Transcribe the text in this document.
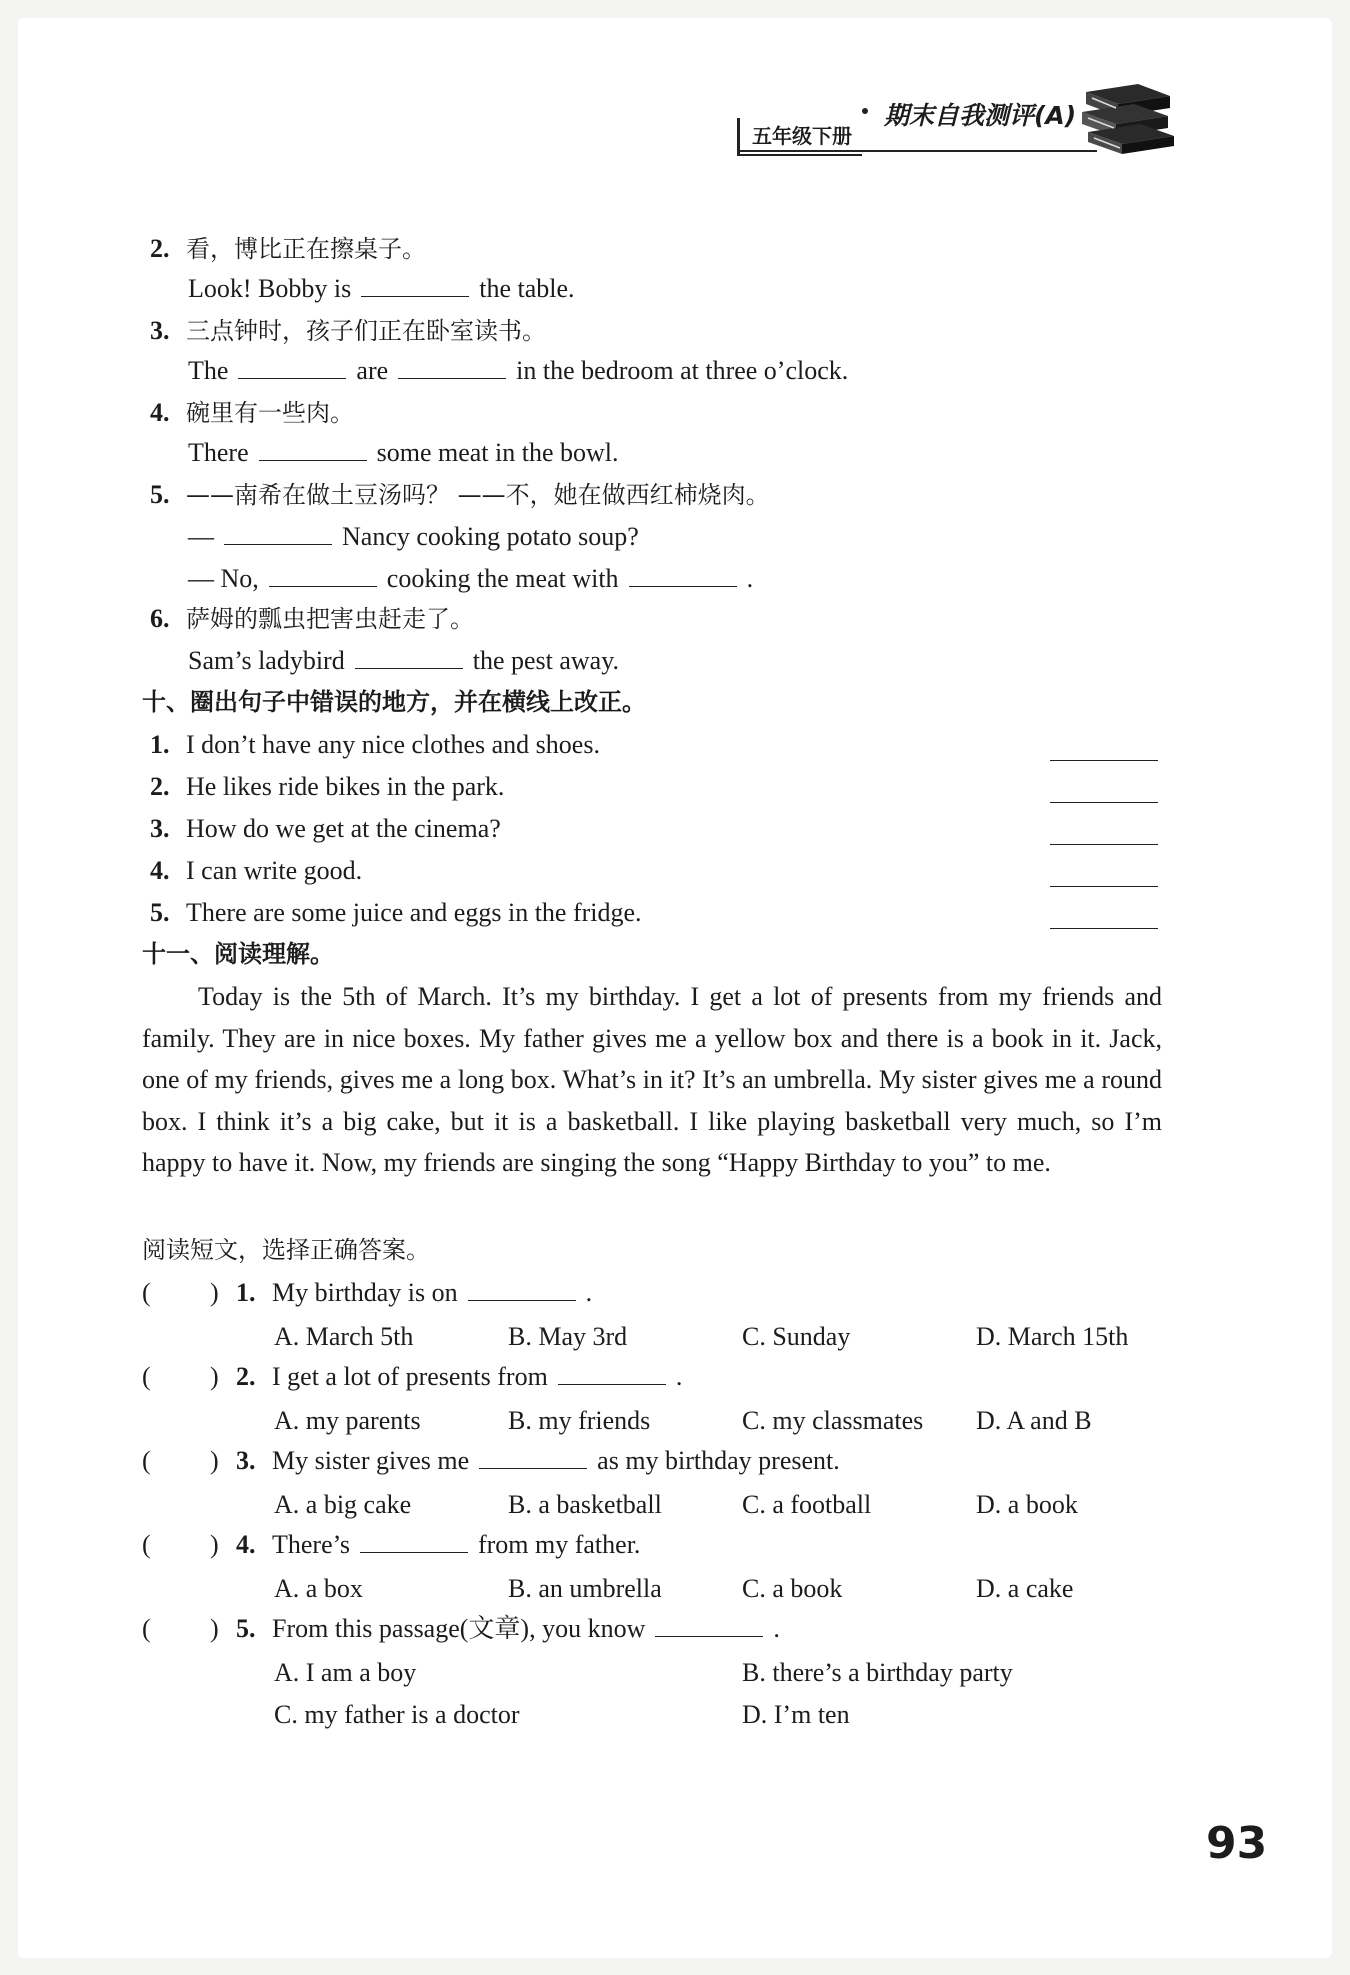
五年级下册
期末自我测评(A)
2. 看，博比正在擦桌子。
Look! Bobby is	the table.
3. 三点钟时，孩子们正在卧室读书。
The	are	in the bedroom at three o’clock.
4. 碗里有一些肉。
There	some meat in the bowl.
5. ——南希在做土豆汤吗？ ——不，她在做西红柿烧肉。
—	Nancy cooking potato soup?
— No,	cooking the meat with	.
6. 萨姆的瓢虫把害虫赶走了。
Sam’s ladybird	the pest away.
十、圈出句子中错误的地方，并在横线上改正。
1. I don’t have any nice clothes and shoes.
2. He likes ride bikes in the park.
3. How do we get at the cinema?
4. I can write good.
5. There are some juice and eggs in the fridge.
十一、阅读理解。

Today is the 5th of March. It’s my birthday. I get a lot of presents from my friends and family. They are in nice boxes. My father gives me a yellow box and there is a book in it. Jack, one of my friends, gives me a long box. What’s in it? It’s an umbrella. My sister gives me a round box. I think it’s a big cake, but it is a basketball. I like playing basketball very much, so I’m happy to have it. Now, my friends are singing the song “Happy Birthday to you” to me.

阅读短文，选择正确答案。
( ) 1. My birthday is on	.
A. March 5th	B. May 3rd	C. Sunday	D. March 15th
( ) 2. I get a lot of presents from	.
A. my parents	B. my friends	C. my classmates D. A and B
( ) 3. My sister gives me	as my birthday present.
A. a big cake	B. a basketball	C. a football	D. a book
( ) 4. There’s	from my father.
A. a box	B. an umbrella	C. a book	D. a cake
( ) 5. From this passage(文章), you know	.
A. I am a boy	B. there’s a birthday party
C. my father is a doctor	D. I’m ten
93
